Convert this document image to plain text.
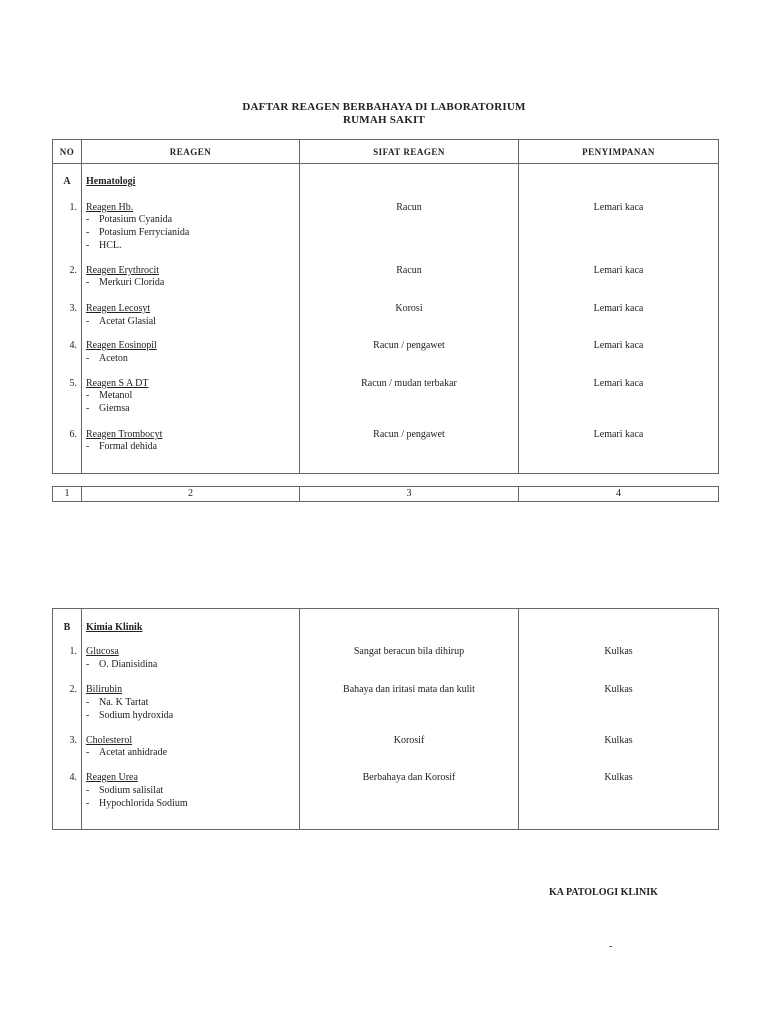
DAFTAR REAGEN BERBAHAYA DI LABORATORIUM
RUMAH SAKIT
NO	REAGEN	SIFAT REAGEN	PENYIMPANAN
A	Hematologi
1. Reagen Hb.
- Potasium Cyanida
- Potasium Ferrycianida
- HCL.
Racun	Lemari kaca
2. Reagen Erythrocit
- Merkuri Clorida
Racun	Lemari kaca
3. Reagen Lecosyt
- Acetat Glasial
Korosi	Lemari kaca
4. Reagen Eosinopil
- Aceton
Racun / pengawet	Lemari kaca
5. Reagen S A DT
- Metanol
- Giemsa
Racun / mudan terbakar	Lemari kaca
6. Reagen Trombocyt
- Formal dehida
Racun / pengawet	Lemari kaca
1	2	3	4
B	Kimia Klinik
1. Glucosa
- O. Dianisidina
Sangat beracun bila dihirup	Kulkas
2. Bilirubin
- Na. K Tartat
- Sodium hydroxida
Bahaya dan iritasi mata dan kulit	Kulkas
3. Cholesterol
- Acetat anhidrade
Korosif	Kulkas
4. Reagen Urea
- Sodium salisilat
- Hypochlorida Sodium
Berbahaya dan Korosif	Kulkas
KA PATOLOGI KLINIK
-
